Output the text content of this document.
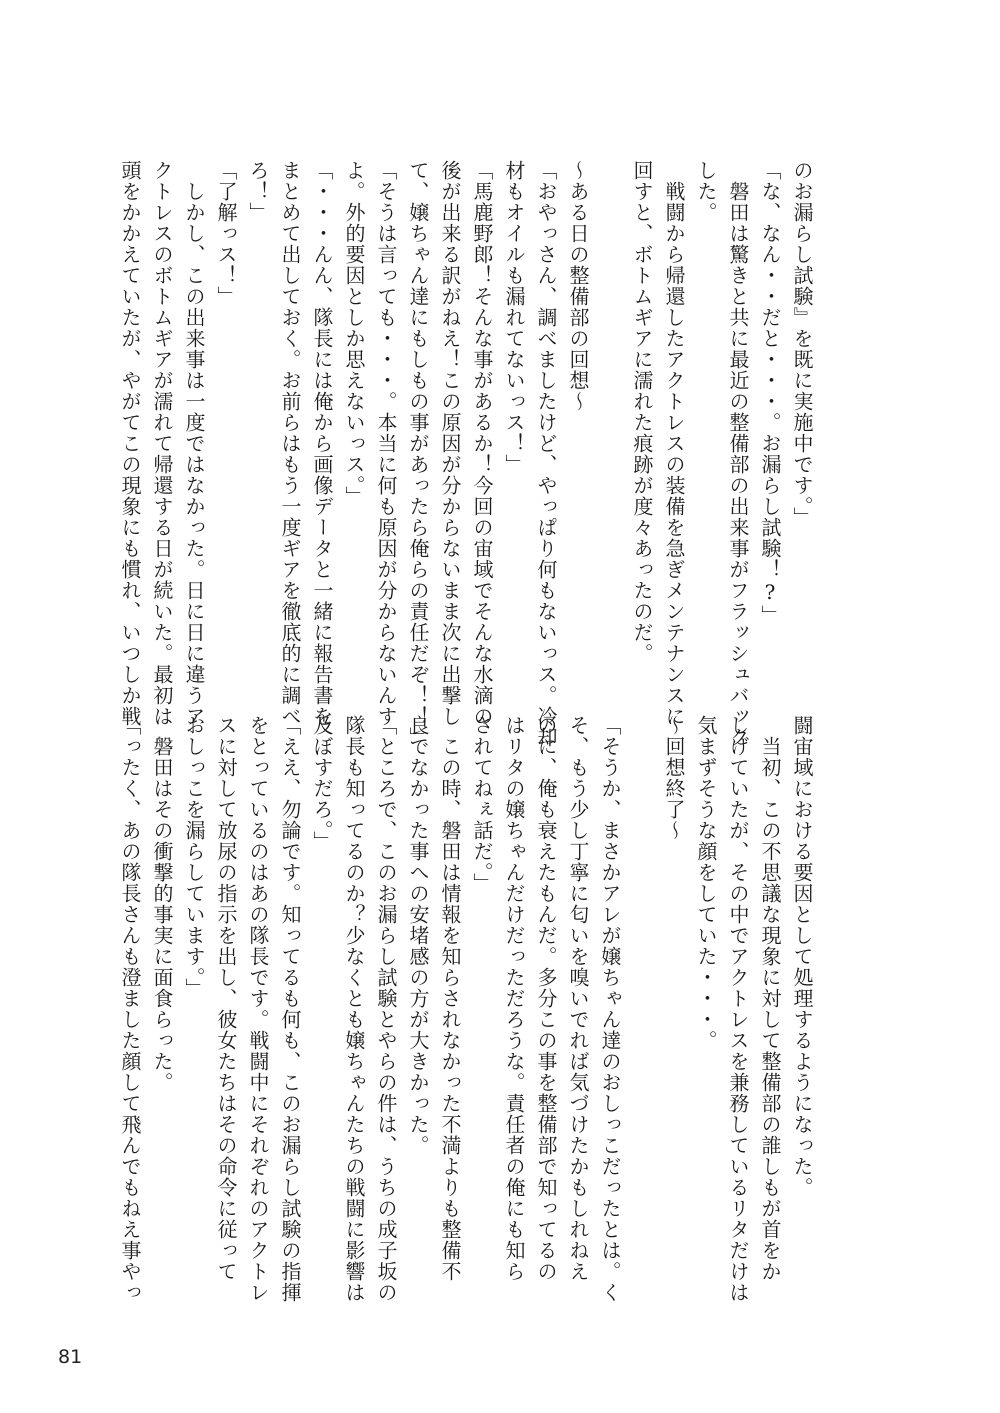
のお漏らし試験』を既に実施中です。」

「な、なん・・だと・・・。お漏らし試験！?」

　磐田は驚きと共に最近の整備部の出来事がフラッシュバック

した。

　戦闘から帰還したアクトレスの装備を急ぎメンテナンスに

回すと、ボトムギアに濡れた痕跡が度々あったのだ。

～ある日の整備部の回想～

「おやっさん、調べましたけど、やっぱり何もないっス。冷却

材もオイルも漏れてないっス！」

「馬鹿野郎！そんな事があるか！今回の宙域でそんな水滴の

後が出来る訳がねえ！この原因が分からないまま次に出撃し

て、嬢ちゃん達にもしもの事があったら俺らの責任だぞ！！」

「そうは言っても・・・。本当に何も原因が分からないんす

よ。外的要因としか思えないっス。」

「・・・んん、隊長には俺から画像データと一緒に報告書を

まとめて出しておく。お前らはもう一度ギアを徹底的に調べ

ろ！」

「了解っス！」

　しかし、この出来事は一度ではなかった。日に日に違うア

クトレスのボトムギアが濡れて帰還する日が続いた。最初は

頭をかかえていたが、やがてこの現象にも慣れ、いつしか戦

闘宙域における要因として処理するようになった。

　当初、この不思議な現象に対して整備部の誰しもが首をか

しげていたが、その中でアクトレスを兼務しているリタだけは

気まずそうな顔をしていた・・・。

～回想終了～

「そうか、まさかアレが嬢ちゃん達のおしっこだったとは。く

そ、もう少し丁寧に匂いを嗅いでれば気づけたかもしれねえ

のに、俺も衰えたもんだ。多分この事を整備部で知ってるの

はリタの嬢ちゃんだけだっただろうな。責任者の俺にも知ら

されてねぇ話だ。」

　この時、磐田は情報を知らされなかった不満よりも整備不

良でなかった事への安堵感の方が大きかった。

「ところで、このお漏らし試験とやらの件は、うちの成子坂の

隊長も知ってるのか？少なくとも嬢ちゃんたちの戦闘に影響は

及ぼすだろ。」

「ええ、勿論です。知ってるも何も、このお漏らし試験の指揮

をとっているのはあの隊長です。戦闘中にそれぞれのアクトレ

スに対して放尿の指示を出し、彼女たちはその命令に従って

おしっこを漏らしています。」

　磐田はその衝撃的事実に面食らった。

「ったく、あの隊長さんも澄ました顔して飛んでもねえ事やっ

81
